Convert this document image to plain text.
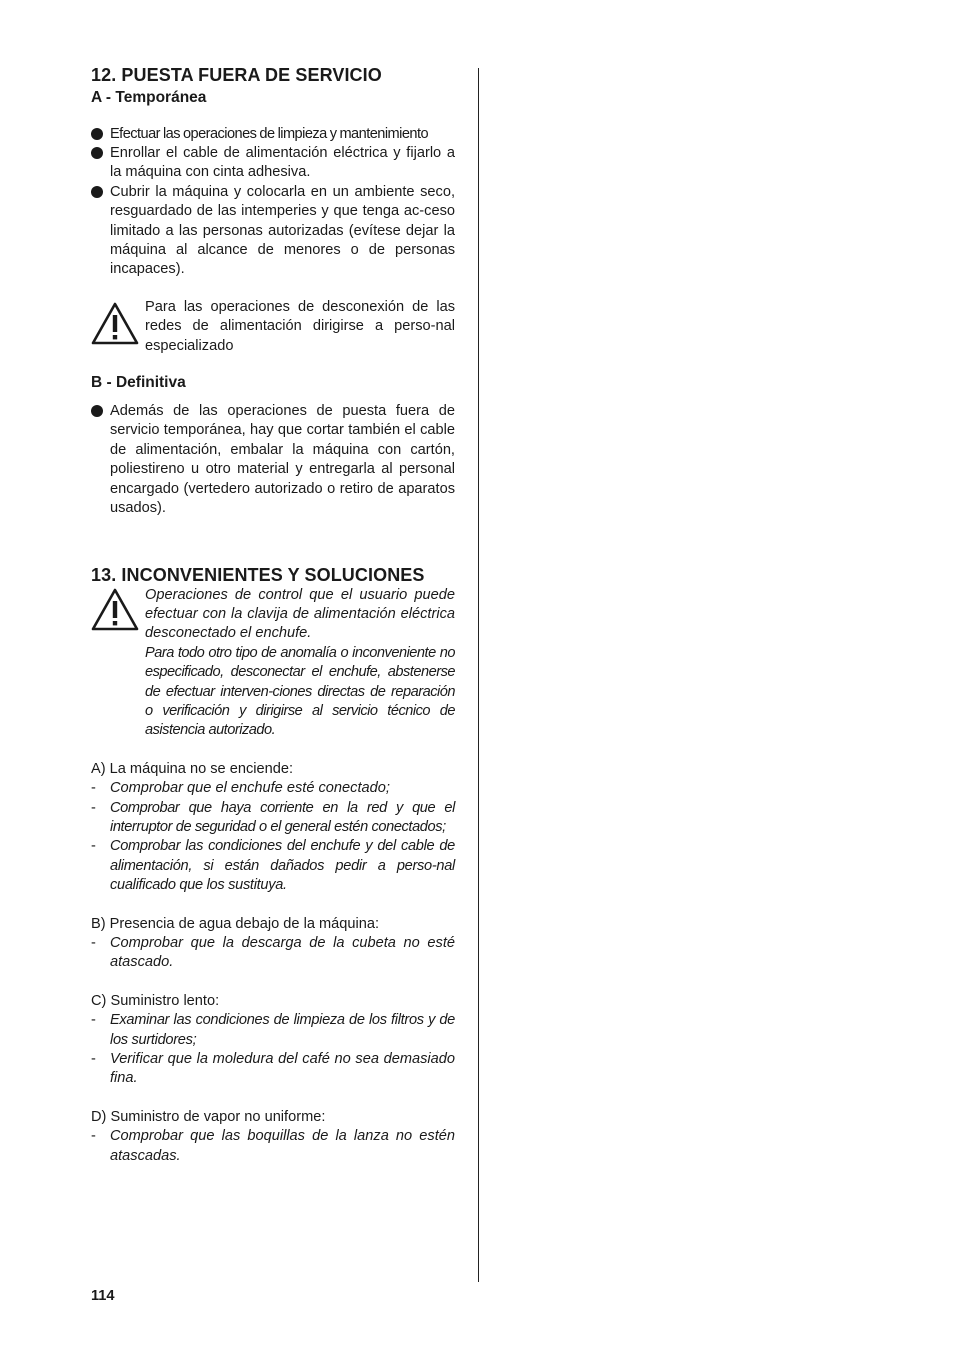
12. PUESTA FUERA DE SERVICIO
A - Temporánea
Efectuar las operaciones de limpieza y mantenimiento
Enrollar el cable de alimentación eléctrica y fijarlo a la máquina con cinta adhesiva.
Cubrir la máquina y colocarla en un ambiente seco, resguardado de las intemperies y que tenga ac-ceso limitado a las personas autorizadas (evítese dejar la máquina al alcance de menores o de personas incapaces).

Para las operaciones de desconexión de las redes de alimentación dirigirse a perso-nal especializado

B - Definitiva
Además de las operaciones de puesta fuera de servicio temporánea, hay que cortar también el cable de alimentación, embalar la máquina con cartón, poliestireno u otro material y entregarla al personal encargado (vertedero autorizado o retiro de aparatos usados).
13. INCONVENIENTES Y SOLUCIONES

Operaciones de control que el usuario puede efectuar con la clavija de alimentación eléctrica desconectado el enchufe.

Para todo otro tipo de anomalía o inconveniente no especificado, desconectar el enchufe, abstenerse de efectuar interven-ciones directas de reparación o verificación y dirigirse al servicio técnico de asistencia autorizado.

A) La máquina no se enciende:

- Comprobar que el enchufe esté conectado;
- Comprobar que haya corriente en la red y que el interruptor de seguridad o el general estén conectados;
- Comprobar las condiciones del enchufe y del cable de alimentación, si están dañados pedir a perso-nal cualificado que los sustituya.

B) Presencia de agua debajo de la máquina:

- Comprobar que la descarga de la cubeta no esté atascado.

C) Suministro lento:

- Examinar las condiciones de limpieza de los filtros y de los surtidores;
- Verificar que la moledura del café no sea demasiado fina.

D) Suministro de vapor no uniforme:

- Comprobar que las boquillas de la lanza no estén atascadas.
114
